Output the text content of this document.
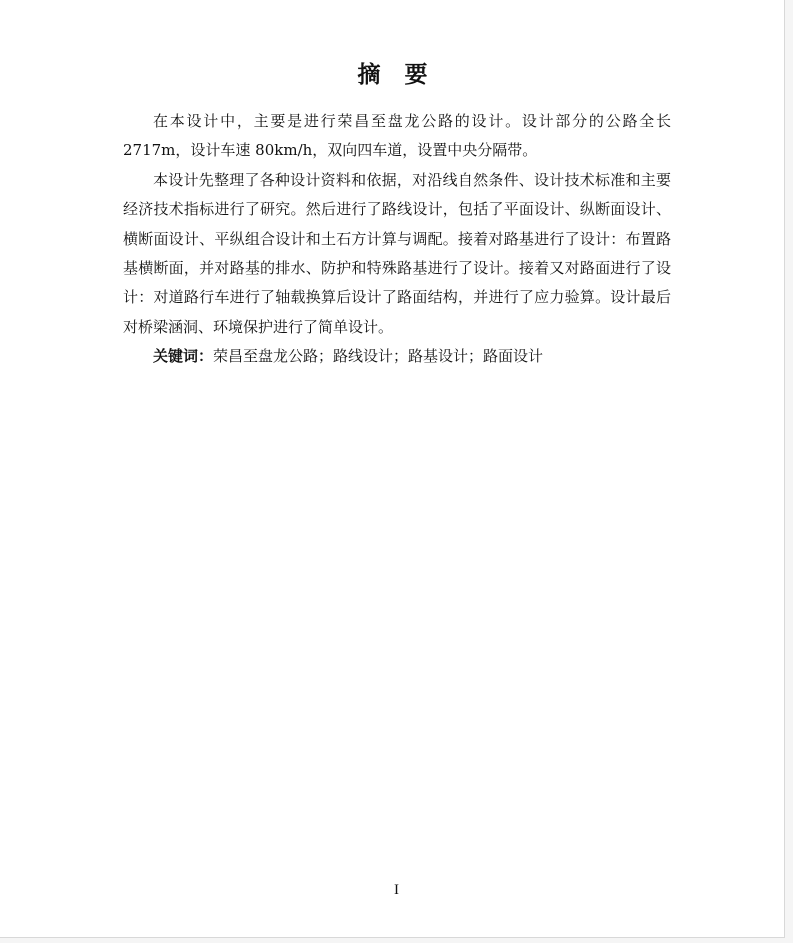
摘 要

在本设计中，主要是进行荣昌至盘龙公路的设计。设计部分的公路全长2717m，设计车速 80km/h，双向四车道，设置中央分隔带。

本设计先整理了各种设计资料和依据，对沿线自然条件、设计技术标准和主要经济技术指标进行了研究。然后进行了路线设计，包括了平面设计、纵断面设计、横断面设计、平纵组合设计和土石方计算与调配。接着对路基进行了设计：布置路基横断面，并对路基的排水、防护和特殊路基进行了设计。接着又对路面进行了设计：对道路行车进行了轴载换算后设计了路面结构，并进行了应力验算。设计最后对桥梁涵洞、环境保护进行了简单设计。

关键词：荣昌至盘龙公路；路线设计；路基设计；路面设计

I
